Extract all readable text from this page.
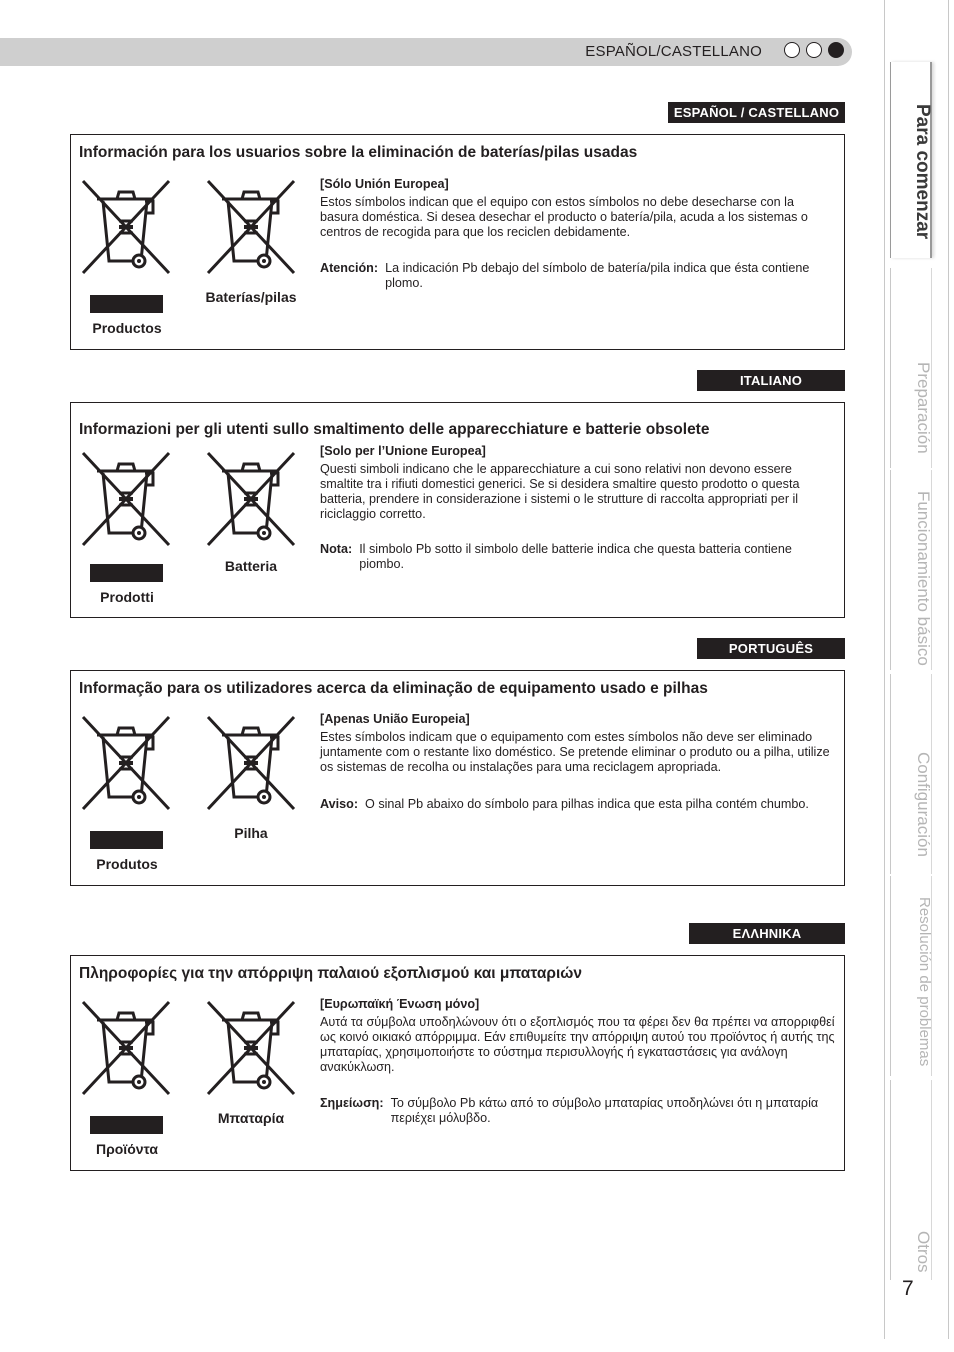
ESPAÑOL/CASTELLANO
Para comenzar
Preparación
Funcionamiento básico
Configuración
Resolución de problemas
Otros
7
ESPAÑOL / CASTELLANO
Información para los usuarios sobre la eliminación de baterías/pilas usadas
Productos
Baterías/pilas

[Sólo Unión Europea]

Estos símbolos indican que el equipo con estos símbolos no debe desecharse con la basura doméstica. Si desea desechar el producto o batería/pila, acuda a los sistemas o centros de recogida para que los reciclen debidamente.

Atención: La indicación Pb debajo del símbolo de batería/pila indica que ésta contiene plomo.
ITALIANO
Informazioni per gli utenti sullo smaltimento delle apparecchiature e batterie obsolete
Prodotti
Batteria

[Solo per l’Unione Europea]

Questi simboli indicano che le apparecchiature a cui sono relativi non devono essere smaltite tra i rifiuti domestici generici. Se si desidera smaltire questo prodotto o questa batteria, prendere in considerazione i sistemi o le strutture di raccolta appropriati per il riciclaggio corretto.

Nota: Il simbolo Pb sotto il simbolo delle batterie indica che questa batteria contiene piombo.
PORTUGUÊS
Informação para os utilizadores acerca da eliminação de equipamento usado e pilhas
Produtos
Pilha

[Apenas União Europeia]

Estes símbolos indicam que o equipamento com estes símbolos não deve ser eliminado juntamente com o restante lixo doméstico. Se pretende eliminar o produto ou a pilha, utilize os sistemas de recolha ou instalações para uma reciclagem apropriada.

Aviso: O sinal Pb abaixo do símbolo para pilhas indica que esta pilha contém chumbo.
ΕΛΛΗΝΙΚΑ
Πληροφορίες για την απόρριψη παλαιού εξοπλισμού και μπαταριών
Προϊόντα
Μπαταρία

[Ευρωπαϊκή Ένωση μόνο]

Αυτά τα σύμβολα υποδηλώνουν ότι ο εξοπλισμός που τα φέρει δεν θα πρέπει να απορριφθεί ως κοινό οικιακό απόρριμμα. Εάν επιθυμείτε την απόρριψη αυτού του προϊόντος ή αυτής της μπαταρίας, χρησιμοποιήστε το σύστημα περισυλλογής ή εγκαταστάσεις για ανάλογη ανακύκλωση.

Σημείωση: Το σύμβολο Pb κάτω από το σύμβολο μπαταρίας υποδηλώνει ότι η μπαταρία περιέχει μόλυβδο.
